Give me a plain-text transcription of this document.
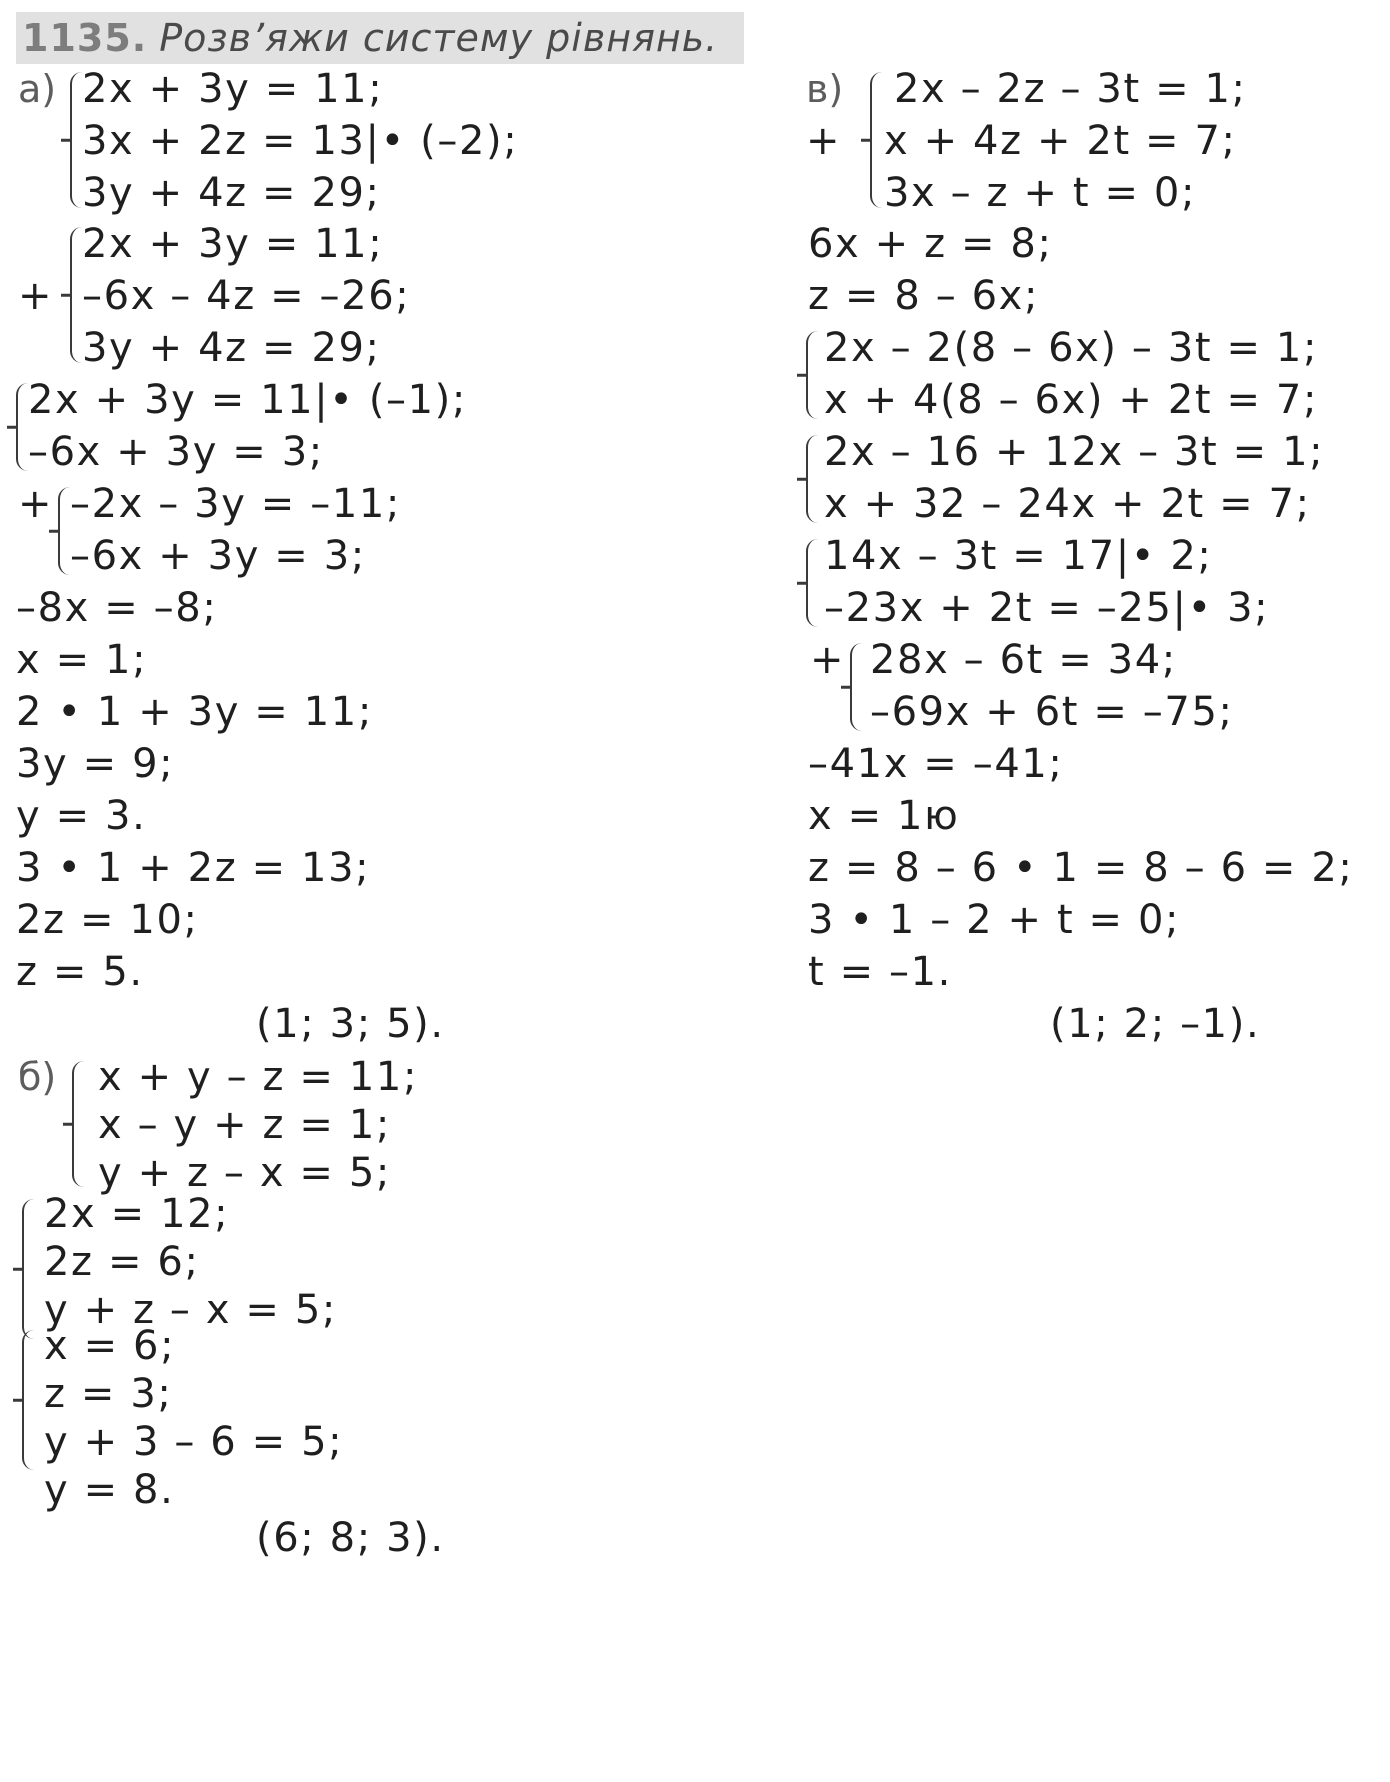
1135. Розв’яжи систему рівнянь.
а) 2x + 3y = 11;
3x + 2z = 13|• (–2);
3y + 4z = 29;
+
2x + 3y = 11;
–6x – 4z = –26;
3y + 4z = 29;
2x + 3y = 11|• (–1);
–6x + 3y = 3;
+ –2x – 3y = –11;
–6x + 3y = 3;
–8x = –8;
x = 1;
2 • 1 + 3y = 11;
3y = 9;
y = 3.
3 • 1 + 2z = 13;
2z = 10;
z = 5.
(1; 3; 5).
б) x + y – z = 11;
x – y + z = 1;
y + z – x = 5;
2x = 12;
2z = 6;
y + z – x = 5;
x = 6;
z = 3;
y + 3 – 6 = 5;
y = 8.
(6; 8; 3).
в)
+
2x – 2z – 3t = 1;
x + 4z + 2t = 7;
3x – z + t = 0;
6x + z = 8;
z = 8 – 6x;
2x – 2(8 – 6x) – 3t = 1;
x + 4(8 – 6x) + 2t = 7;
2x – 16 + 12x – 3t = 1;
x + 32 – 24x + 2t = 7;
14x – 3t = 17|• 2;
–23x + 2t = –25|• 3;
+ 28x – 6t = 34;
–69x + 6t = –75;
–41x = –41;
x = 1ю
z = 8 – 6 • 1 = 8 – 6 = 2;
3 • 1 – 2 + t = 0;
t = –1.
(1; 2; –1).
